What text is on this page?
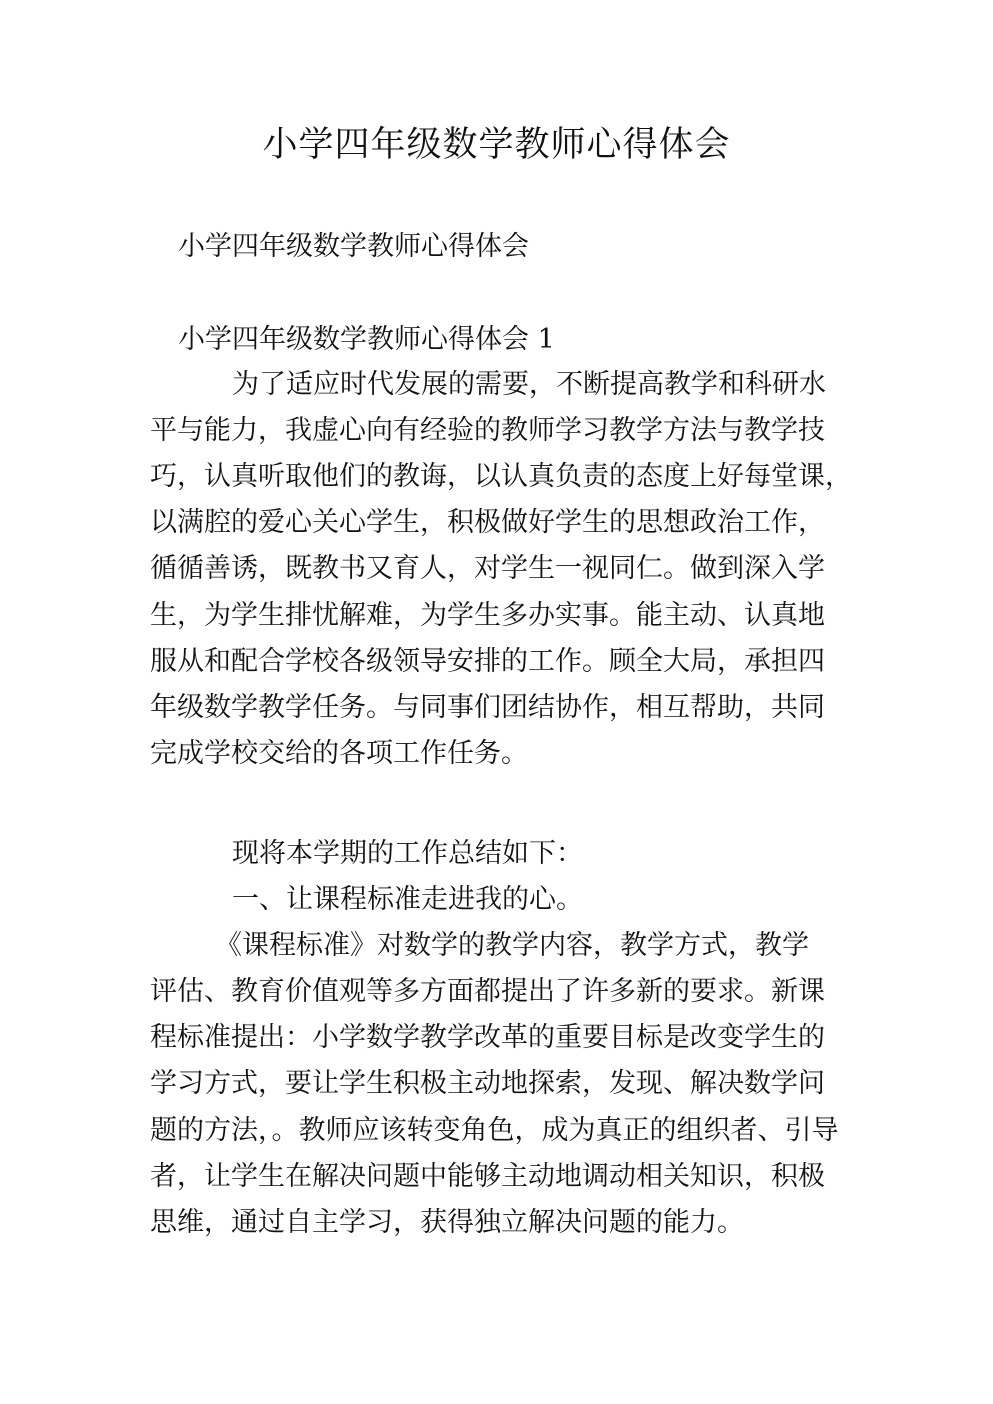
小学四年级数学教师心得体会
小学四年级数学教师心得体会
小学四年级数学教师心得体会 1
为了适应时代发展的需要，不断提高教学和科研水
平与能力，我虚心向有经验的教师学习教学方法与教学技
巧，认真听取他们的教诲，以认真负责的态度上好每堂课，
以满腔的爱心关心学生，积极做好学生的思想政治工作，
循循善诱，既教书又育人，对学生一视同仁。做到深入学
生，为学生排忧解难，为学生多办实事。能主动、认真地
服从和配合学校各级领导安排的工作。顾全大局，承担四
年级数学教学任务。与同事们团结协作，相互帮助，共同
完成学校交给的各项工作任务。
现将本学期的工作总结如下：
一、让课程标准走进我的心。
《课程标准》对数学的教学内容，教学方式，教学
评估、教育价值观等多方面都提出了许多新的要求。新课
程标准提出：小学数学教学改革的重要目标是改变学生的
学习方式，要让学生积极主动地探索，发现、解决数学问
题的方法，。教师应该转变角色，成为真正的组织者、引导
者，让学生在解决问题中能够主动地调动相关知识，积极
思维，通过自主学习，获得独立解决问题的能力。
